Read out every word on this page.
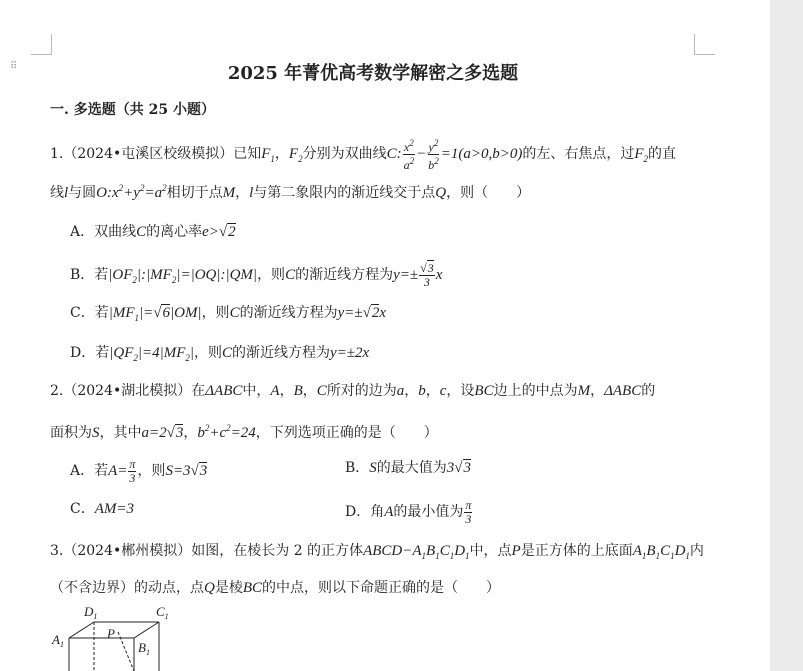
⠿	2025 年菁优高考数学解密之多选题
一. 多选题（共 25 小题）
1.（2024•屯溪区校级模拟）已知$F_1$，$F_2$分别为双曲线C: $\frac{x^2}{a^2} - \frac{y^2}{b^2} =1(a>0,b>0)$的左、右焦点，过$F_2$的直
线l与圆$O:x^2+y^2=a^2$相切于点M，l与第二象限内的渐近线交于点Q，则（　　）
A．双曲线C的离心率e>√2
B．若$|OF_2|:|MF_2|=|OQ|:|QM|$，则C的渐近线方程为$y=\pm \frac{√3}{3}$ x
C．若$|MF_1|=√6|OM|$，则C的渐近线方程为y=±√2x
D．若$|QF_2|=4|MF_2|$，则C的渐近线方程为y=±2x
2.（2024•湖北模拟）在ΔABC中，A，B，C所对的边为a，b，c，设BC边上的中点为M，ΔABC的
面积为S，其中a=2√3，$b^2+c^2=24$，下列选项正确的是（　　）
A．若$A= \frac{\pi}{3}$ ，则S=3√3	B．S的最大值为3√3
C．AM=3	D．角A的最小值为 $\frac{\pi}{3}$
3.（2024•郴州模拟）如图，在棱长为 2 的正方体$ABCD-A_1B_1C_1D_1$中，点P是正方体的上底面$A_1B_1C_1D_1$内
（不含边界）的动点，点Q是棱BC的中点，则以下命题正确的是（　　）
$D_1$	$C_1$
$A_1$	$B_1$
P
